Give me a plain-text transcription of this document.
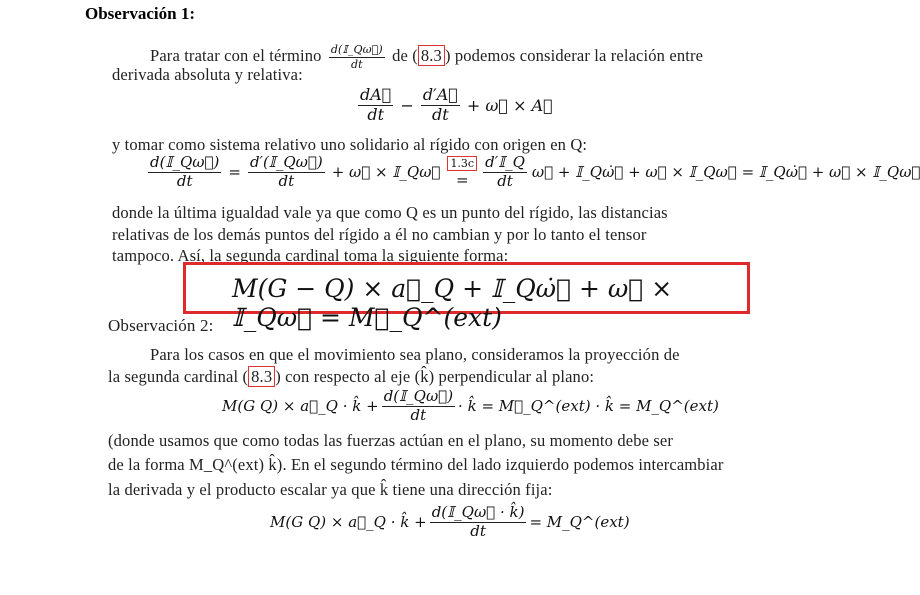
Observación 1:
Para tratar con el término $\frac{\text{d(𝕀\_Qω⃗)}}{dt}$ de ( 8.3 ) podemos considerar la relación entre
derivada absoluta y relativa:
$\frac{dA⃗}{dt} - \frac{d'A⃗}{dt}$ + ω⃗ × A⃗
y tomar como sistema relativo uno solidario al rígido con origen en Q:
$\frac{\text{d(𝕀\_Qω⃗)}}{dt} = \frac{\text{d′(𝕀\_Qω⃗)}}{dt}$ + ω⃗ × 𝕀_Qω⃗ 1.3c
= $\frac{\text{d′𝕀\_Q}}{dt}$ ω⃗ + 𝕀_Qω̇⃗ + ω⃗ × 𝕀_Qω⃗ = 𝕀_Qω̇⃗ + ω⃗ × 𝕀_Qω⃗
donde la última igualdad vale ya que como Q es un punto del rígido, las distancias
relativas de los demás puntos del rígido a él no cambian y por lo tanto el tensor
tampoco. Así, la segunda cardinal toma la siguiente forma:
M(G − Q) × a⃗_Q + 𝕀_Qω̇⃗ + ω⃗ × 𝕀_Qω⃗ = M⃗_Q^(ext)
Observación 2:
Para los casos en que el movimiento sea plano, consideramos la proyección de
la segunda cardinal ( 8.3 ) con respecto al eje (k̂) perpendicular al plano:
M(G Q) × a⃗_Q · k̂ + $\frac{\text{d(𝕀\_Qω⃗)}}{dt}$ · k̂ = M⃗_Q^(ext) · k̂ = M_Q^(ext)
(donde usamos que como todas las fuerzas actúan en el plano, su momento debe ser
de la forma M_Q^(ext) k̂). En el segundo término del lado izquierdo podemos intercambiar
la derivada y el producto escalar ya que k̂ tiene una dirección fija:
M(G Q) × a⃗_Q · k̂ + $\frac{\text{d(𝕀\_Qω⃗ · k̂)}}{dt}$ = M_Q^(ext)
